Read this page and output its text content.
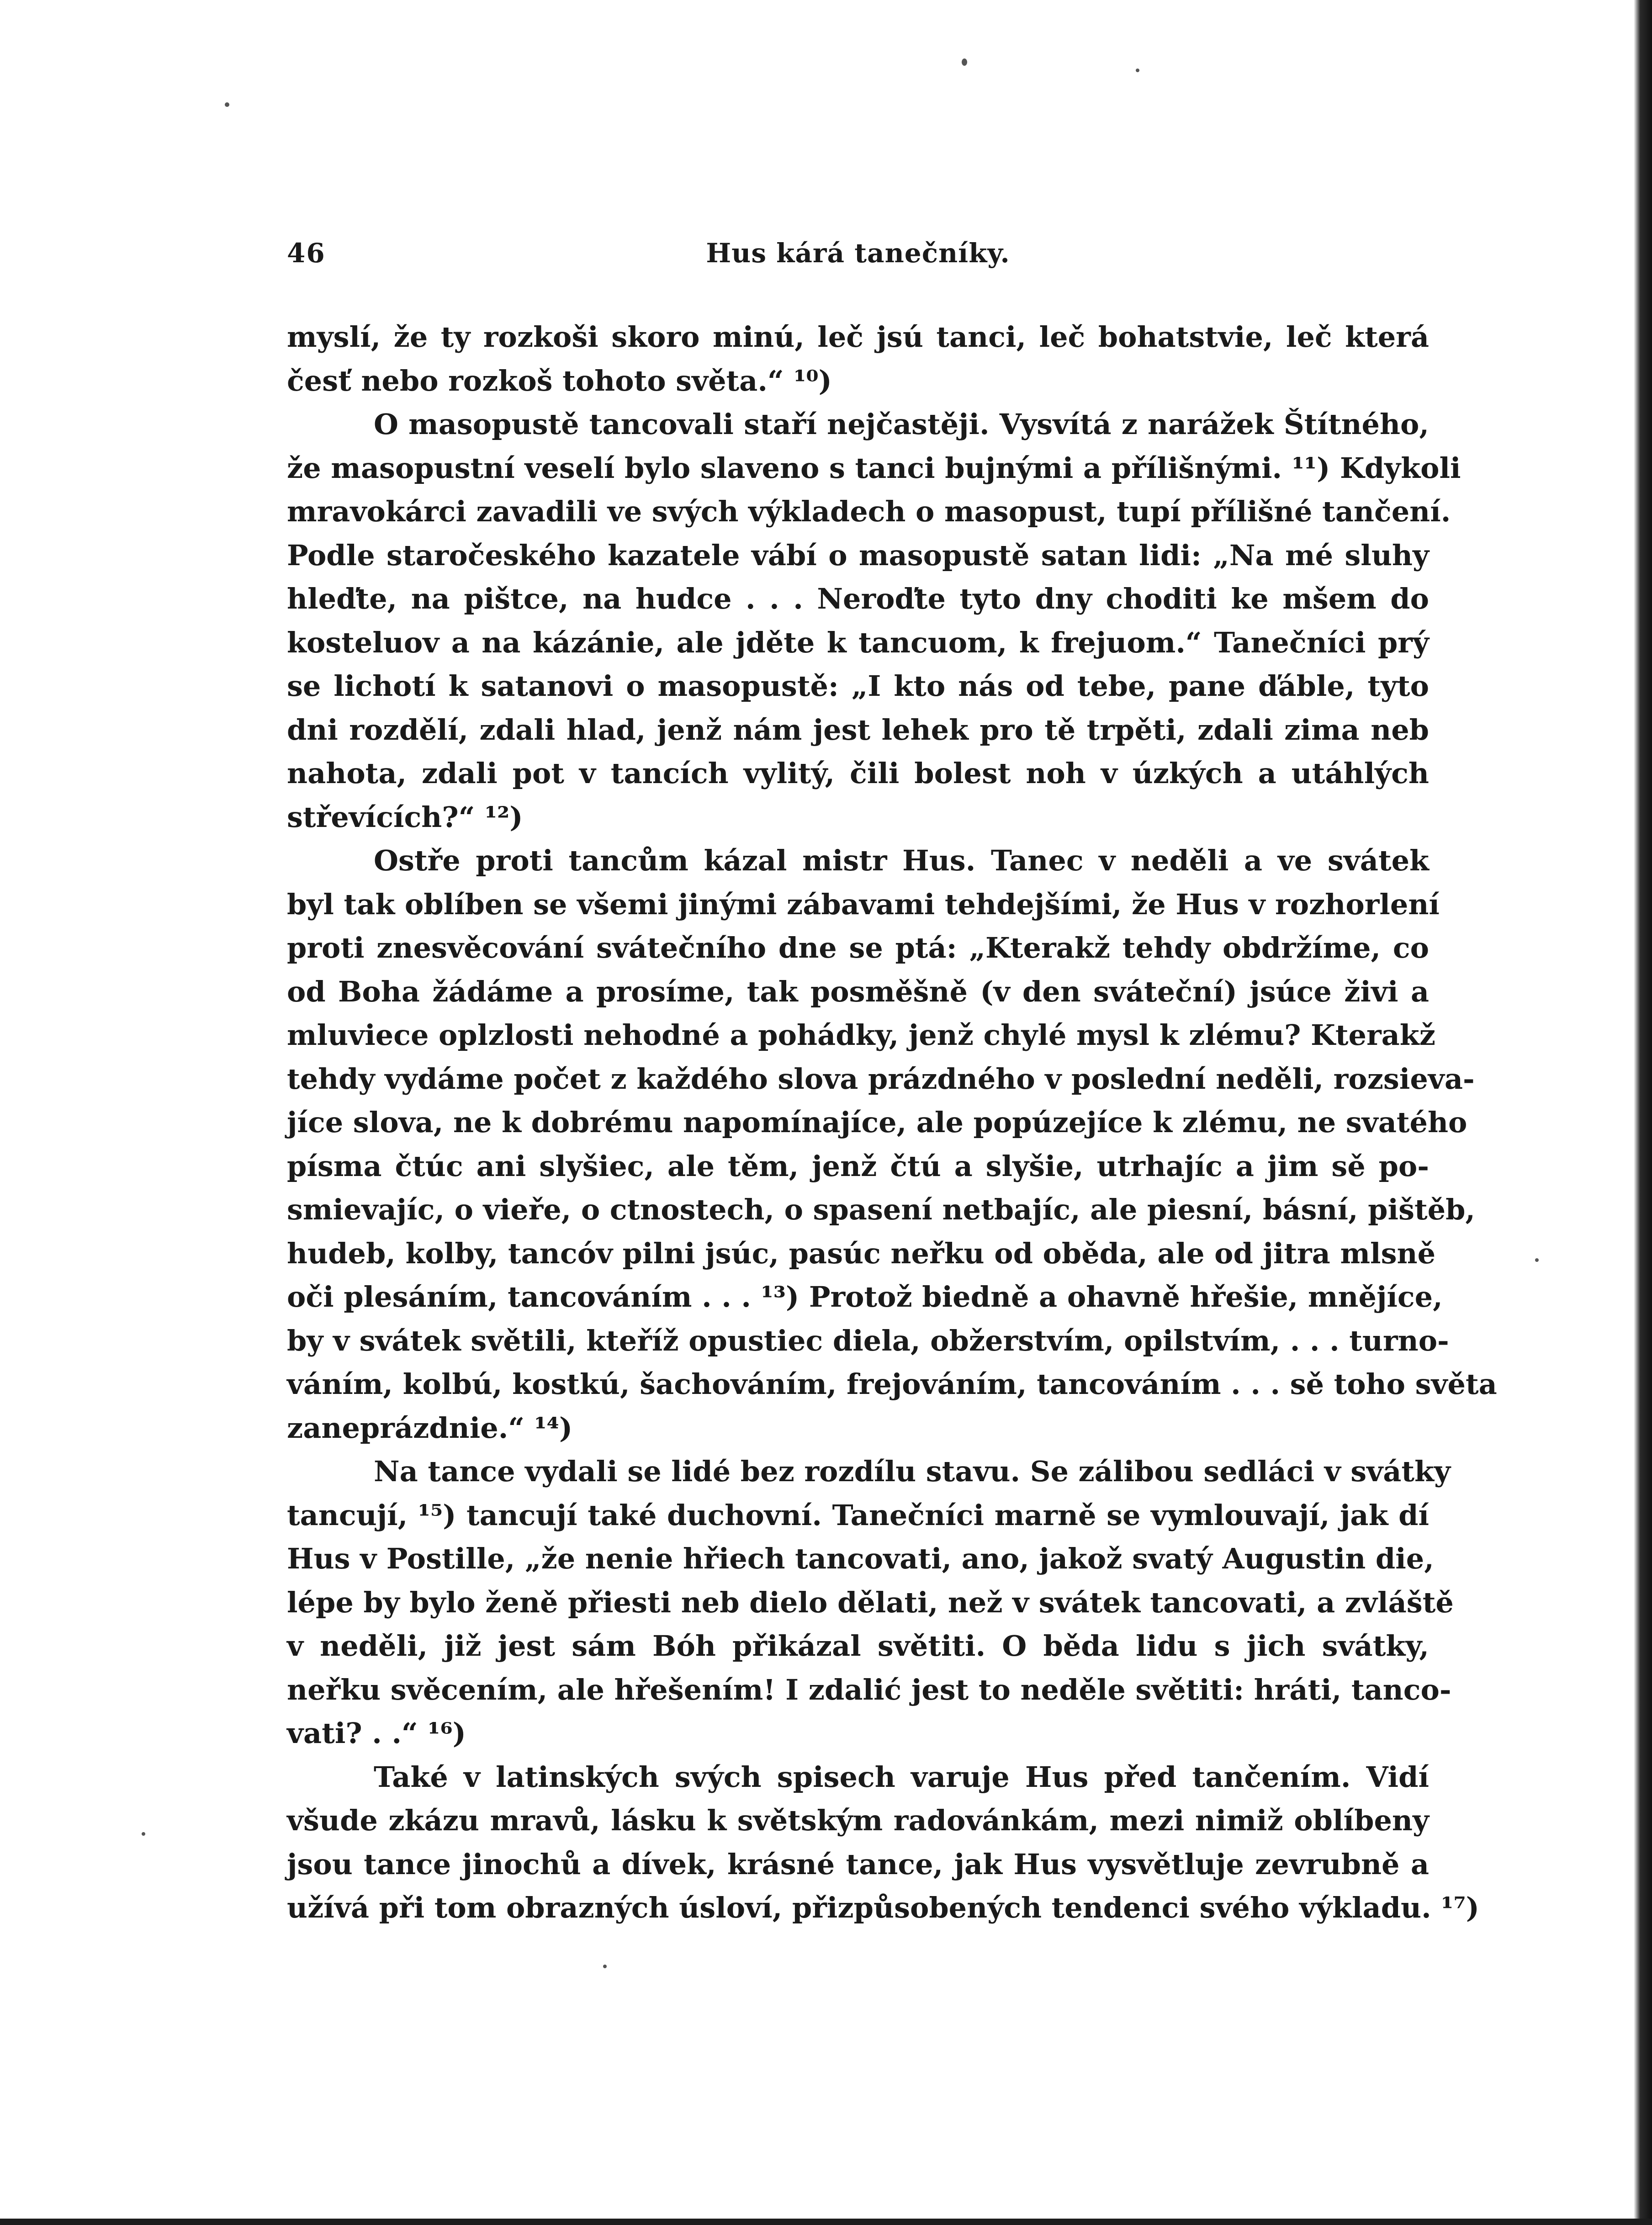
46	Hus kárá tanečníky.
myslí, že ty rozkoši skoro minú, leč jsú tanci, leč bohatstvie, leč která
česť nebo rozkoš tohoto světa.“ ¹⁰)
O masopustě tancovali staří nejčastěji. Vysvítá z narážek Štítného,
že masopustní veselí bylo slaveno s tanci bujnými a přílišnými. ¹¹) Kdykoli
mravokárci zavadili ve svých výkladech o masopust, tupí přílišné tančení.
Podle staročeského kazatele vábí o masopustě satan lidi: „Na mé sluhy
hleďte, na pištce, na hudce . . . Neroďte tyto dny choditi ke mšem do
kosteluov a na kázánie, ale jděte k tancuom, k frejuom.“ Tanečníci prý
se lichotí k satanovi o masopustě: „I kto nás od tebe, pane ďáble, tyto
dni rozdělí, zdali hlad, jenž nám jest lehek pro tě trpěti, zdali zima neb
nahota, zdali pot v tancích vylitý, čili bolest noh v úzkých a utáhlých
střevících?“ ¹²)
Ostře proti tancům kázal mistr Hus. Tanec v neděli a ve svátek
byl tak oblíben se všemi jinými zábavami tehdejšími, že Hus v rozhorlení
proti znesvěcování svátečního dne se ptá: „Kterakž tehdy obdržíme, co
od Boha žádáme a prosíme, tak posměšně (v den sváteční) jsúce živi a
mluviece oplzlosti nehodné a pohádky, jenž chylé mysl k zlému? Kterakž
tehdy vydáme počet z každého slova prázdného v poslední neděli, rozsieva-
jíce slova, ne k dobrému napomínajíce, ale popúzejíce k zlému, ne svatého
písma čtúc ani slyšiec, ale těm, jenž čtú a slyšie, utrhajíc a jim sě po-
smievajíc, o vieře, o ctnostech, o spasení netbajíc, ale piesní, básní, pištěb,
hudeb, kolby, tancóv pilni jsúc, pasúc neřku od oběda, ale od jitra mlsně
oči plesáním, tancováním . . . ¹³) Protož biedně a ohavně hřešie, mnějíce,
by v svátek světili, kteříž opustiec diela, obžerstvím, opilstvím, . . . turno-
váním, kolbú, kostkú, šachováním, frejováním, tancováním . . . sě toho světa
zaneprázdnie.“ ¹⁴)
Na tance vydali se lidé bez rozdílu stavu. Se zálibou sedláci v svátky
tancují, ¹⁵) tancují také duchovní. Tanečníci marně se vymlouvají, jak dí
Hus v Postille, „že nenie hřiech tancovati, ano, jakož svatý Augustin die,
lépe by bylo ženě přiesti neb dielo dělati, než v svátek tancovati, a zvláště
v neděli, již jest sám Bóh přikázal světiti. O běda lidu s jich svátky,
neřku svěcením, ale hřešením! I zdalić jest to neděle světiti: hráti, tanco-
vati? . .“ ¹⁶)
Také v latinských svých spisech varuje Hus před tančením. Vidí
všude zkázu mravů, lásku k světským radovánkám, mezi nimiž oblíbeny
jsou tance jinochů a dívek, krásné tance, jak Hus vysvětluje zevrubně a
užívá při tom obrazných úsloví, přizpůsobených tendenci svého výkladu. ¹⁷)
